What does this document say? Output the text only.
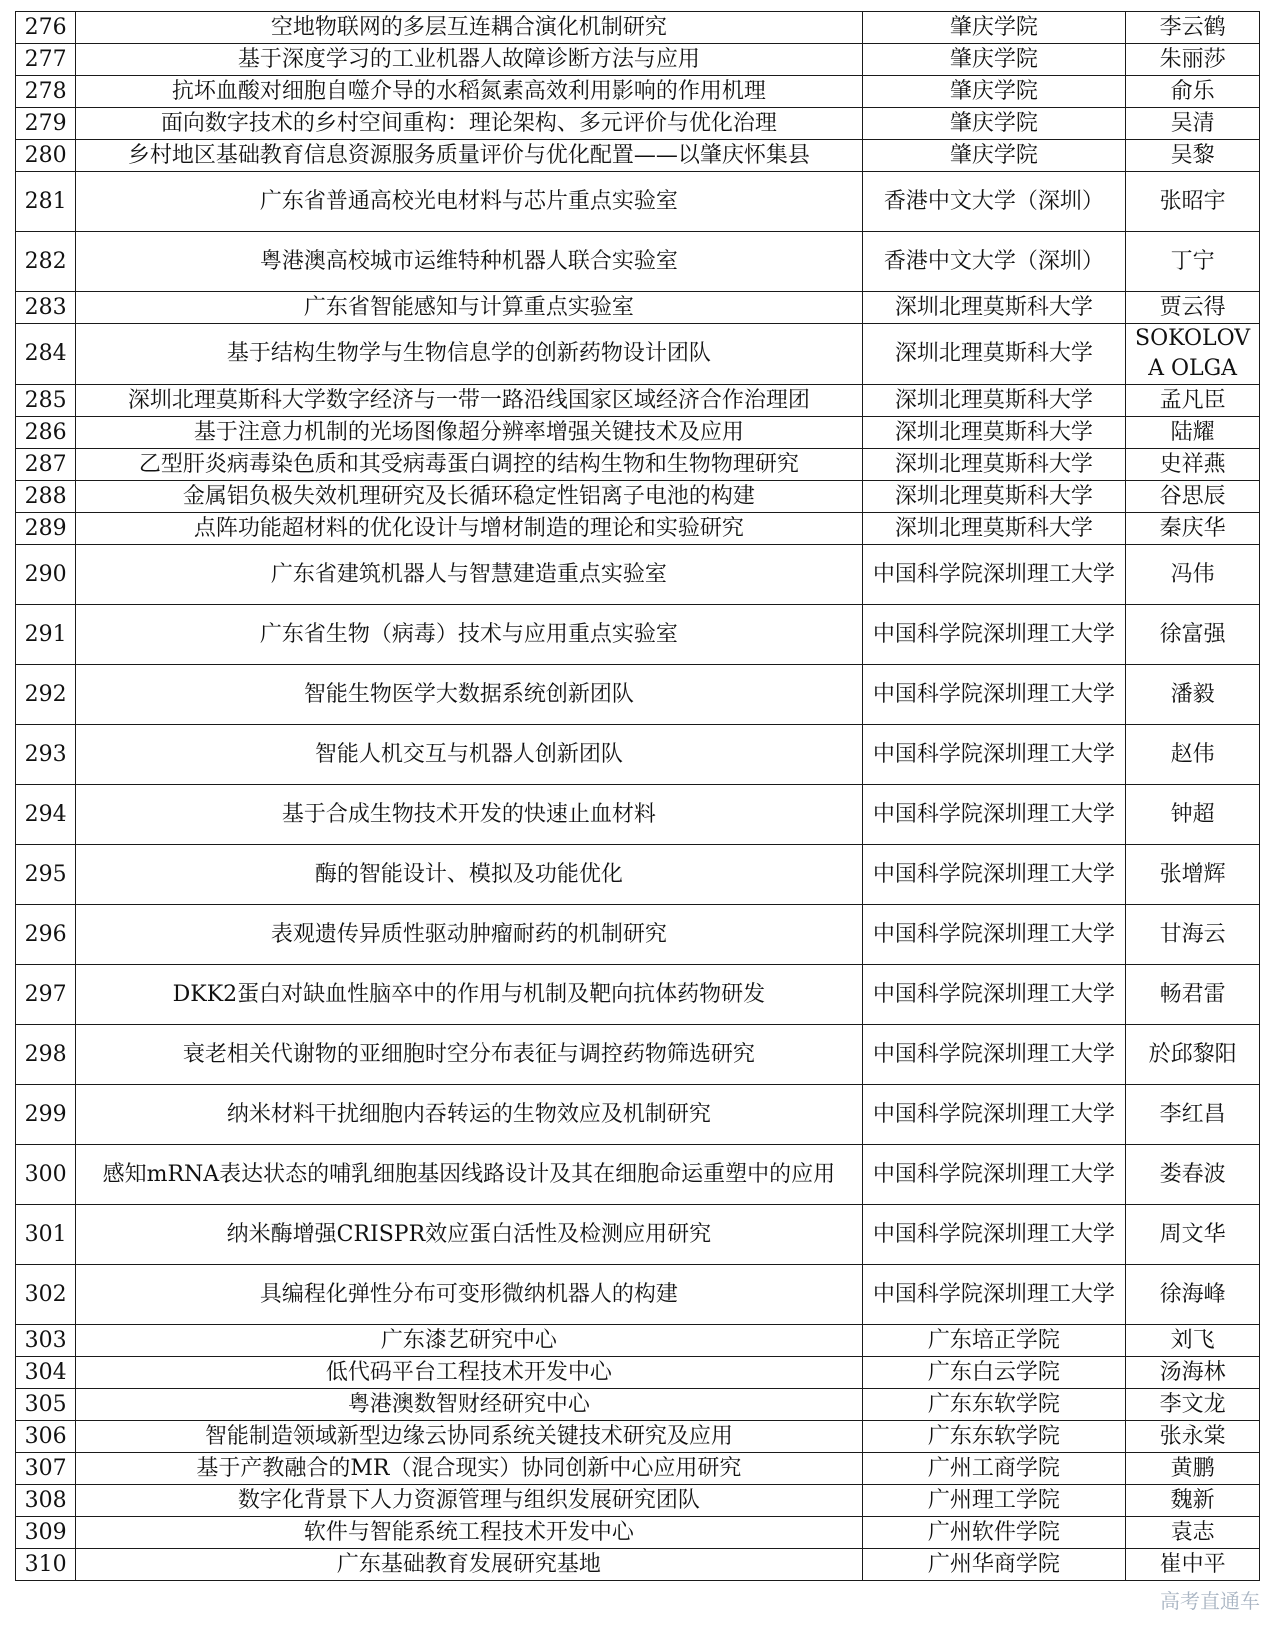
276	空地物联网的多层互连耦合演化机制研究	肇庆学院	李云鹤
277	基于深度学习的工业机器人故障诊断方法与应用	肇庆学院	朱丽莎
278	抗坏血酸对细胞自噬介导的水稻氮素高效利用影响的作用机理	肇庆学院	俞乐
279	面向数字技术的乡村空间重构：理论架构、多元评价与优化治理	肇庆学院	吴清
280	乡村地区基础教育信息资源服务质量评价与优化配置——以肇庆怀集县	肇庆学院	吴黎
281	广东省普通高校光电材料与芯片重点实验室	香港中文大学（深圳）	张昭宇
282	粤港澳高校城市运维特种机器人联合实验室	香港中文大学（深圳）	丁宁
283	广东省智能感知与计算重点实验室	深圳北理莫斯科大学	贾云得
284	基于结构生物学与生物信息学的创新药物设计团队	深圳北理莫斯科大学	SOKOLOVA OLGA
285	深圳北理莫斯科大学数字经济与一带一路沿线国家区域经济合作治理团	深圳北理莫斯科大学	孟凡臣
286	基于注意力机制的光场图像超分辨率增强关键技术及应用	深圳北理莫斯科大学	陆耀
287	乙型肝炎病毒染色质和其受病毒蛋白调控的结构生物和生物物理研究	深圳北理莫斯科大学	史祥燕
288	金属铝负极失效机理研究及长循环稳定性铝离子电池的构建	深圳北理莫斯科大学	谷思辰
289	点阵功能超材料的优化设计与增材制造的理论和实验研究	深圳北理莫斯科大学	秦庆华
290	广东省建筑机器人与智慧建造重点实验室	中国科学院深圳理工大学	冯伟
291	广东省生物（病毒）技术与应用重点实验室	中国科学院深圳理工大学	徐富强
292	智能生物医学大数据系统创新团队	中国科学院深圳理工大学	潘毅
293	智能人机交互与机器人创新团队	中国科学院深圳理工大学	赵伟
294	基于合成生物技术开发的快速止血材料	中国科学院深圳理工大学	钟超
295	酶的智能设计、模拟及功能优化	中国科学院深圳理工大学	张增辉
296	表观遗传异质性驱动肿瘤耐药的机制研究	中国科学院深圳理工大学	甘海云
297	DKK2蛋白对缺血性脑卒中的作用与机制及靶向抗体药物研发	中国科学院深圳理工大学	畅君雷
298	衰老相关代谢物的亚细胞时空分布表征与调控药物筛选研究	中国科学院深圳理工大学	於邱黎阳
299	纳米材料干扰细胞内吞转运的生物效应及机制研究	中国科学院深圳理工大学	李红昌
300	感知mRNA表达状态的哺乳细胞基因线路设计及其在细胞命运重塑中的应用	中国科学院深圳理工大学	娄春波
301	纳米酶增强CRISPR效应蛋白活性及检测应用研究	中国科学院深圳理工大学	周文华
302	具编程化弹性分布可变形微纳机器人的构建	中国科学院深圳理工大学	徐海峰
303	广东漆艺研究中心	广东培正学院	刘飞
304	低代码平台工程技术开发中心	广东白云学院	汤海林
305	粤港澳数智财经研究中心	广东东软学院	李文龙
306	智能制造领域新型边缘云协同系统关键技术研究及应用	广东东软学院	张永棠
307	基于产教融合的MR（混合现实）协同创新中心应用研究	广州工商学院	黄鹏
308	数字化背景下人力资源管理与组织发展研究团队	广州理工学院	魏新
309	软件与智能系统工程技术开发中心	广州软件学院	袁志
310	广东基础教育发展研究基地	广州华商学院	崔中平
高考直通车
